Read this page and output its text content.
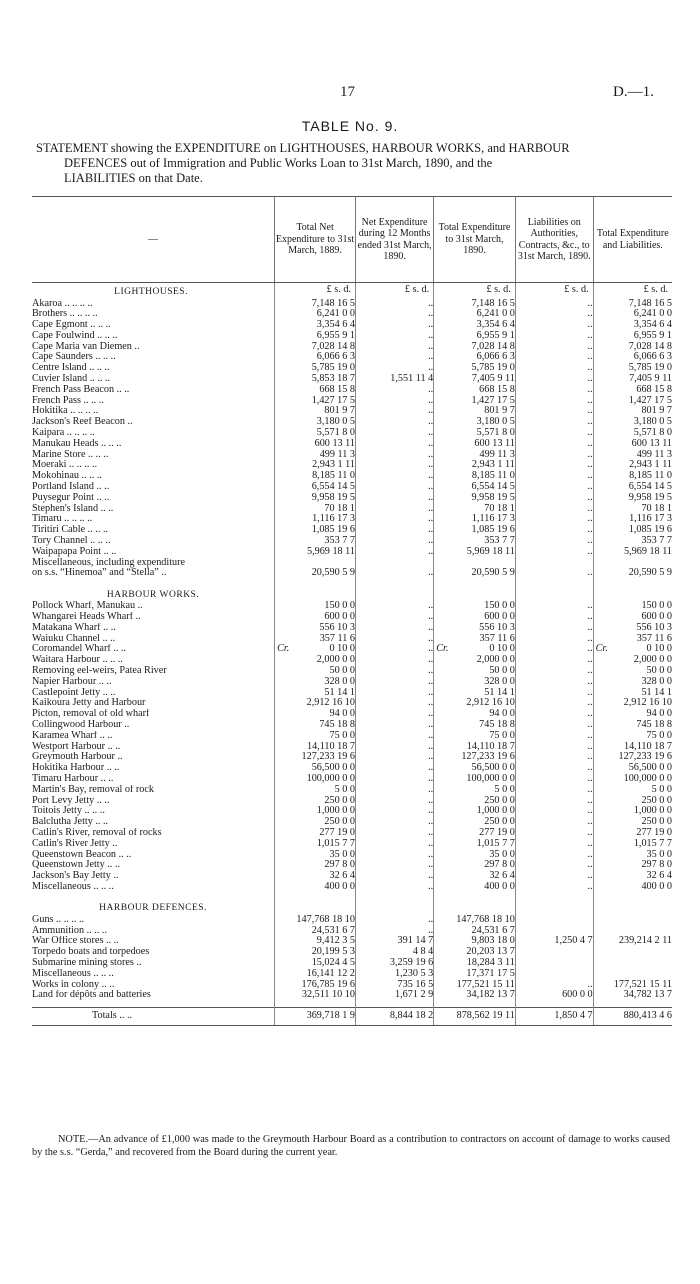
17	D.—1.
TABLE No. 9.
STATEMENT showing the EXPENDITURE on LIGHTHOUSES, HARBOUR WORKS, and HARBOUR
DEFENCES out of Immigration and Public Works Loan to 31st March, 1890, and the
LIABILITIES on that Date.
—	Total Net Expenditure to 31st March, 1889.	Net Expenditure during 12 Months ended 31st March, 1890.	Total Expenditure to 31st March, 1890.	Liabilities on Authorities, Contracts, &c., to 31st March, 1890.	Total Expenditure and Liabilities.
LIGHTHOUSES.	£ s. d.	£ s. d.	£ s. d.	£ s. d.	£ s. d.
Akaroa .. .. .. ..	7,148 16 5	..	7,148 16 5	..	7,148 16 5
Brothers .. .. .. ..	6,241 0 0	..	6,241 0 0	..	6,241 0 0
Cape Egmont .. .. ..	3,354 6 4	..	3,354 6 4	..	3,354 6 4
Cape Foulwind .. .. ..	6,955 9 1	..	6,955 9 1	..	6,955 9 1
Cape Maria van Diemen ..	7,028 14 8	..	7,028 14 8	..	7,028 14 8
Cape Saunders .. .. ..	6,066 6 3	..	6,066 6 3	..	6,066 6 3
Centre Island .. .. ..	5,785 19 0	..	5,785 19 0	..	5,785 19 0
Cuvier Island .. .. ..	5,853 18 7	1,551 11 4	7,405 9 11	..	7,405 9 11
French Pass Beacon .. ..	668 15 8	..	668 15 8	..	668 15 8
French Pass .. .. ..	1,427 17 5	..	1,427 17 5	..	1,427 17 5
Hokitika .. .. .. ..	801 9 7	..	801 9 7	..	801 9 7
Jackson's Reef Beacon ..	3,180 0 5	..	3,180 0 5	..	3,180 0 5
Kaipara .. .. .. ..	5,571 8 0	..	5,571 8 0	..	5,571 8 0
Manukau Heads .. .. ..	600 13 11	..	600 13 11	..	600 13 11
Marine Store .. .. ..	499 11 3	..	499 11 3	..	499 11 3
Moeraki .. .. .. ..	2,943 1 11	..	2,943 1 11	..	2,943 1 11
Mokohinau .. .. ..	8,185 11 0	..	8,185 11 0	..	8,185 11 0
Portland Island .. ..	6,554 14 5	..	6,554 14 5	..	6,554 14 5
Puysegur Point .. ..	9,958 19 5	..	9,958 19 5	..	9,958 19 5
Stephen's Island .. ..	70 18 1	..	70 18 1	..	70 18 1
Timaru .. .. .. ..	1,116 17 3	..	1,116 17 3	..	1,116 17 3
Tiritiri Cable .. .. ..	1,085 19 6	..	1,085 19 6	..	1,085 19 6
Tory Channel .. .. ..	353 7 7	..	353 7 7	..	353 7 7
Waipapapa Point .. ..	5,969 18 11	..	5,969 18 11	..	5,969 18 11
Miscellaneous, including expenditure					
on s.s. “Hinemoa” and “Stella” ..	20,590 5 9	..	20,590 5 9	..	20,590 5 9

HARBOUR WORKS.					
Pollock Wharf, Manukau ..	150 0 0	..	150 0 0	..	150 0 0
Whangarei Heads Wharf ..	600 0 0	..	600 0 0	..	600 0 0
Matakana Wharf .. ..	556 10 3	..	556 10 3	..	556 10 3
Waiuku Channel .. ..	357 11 6	..	357 11 6	..	357 11 6
Coromandel Wharf .. ..	Cr. 0 10 0	..	Cr. 0 10 0	..	Cr. 0 10 0
Waitara Harbour .. .. ..	2,000 0 0	..	2,000 0 0	..	2,000 0 0
Removing eel-weirs, Patea River	50 0 0	..	50 0 0	..	50 0 0
Napier Harbour .. ..	328 0 0	..	328 0 0	..	328 0 0
Castlepoint Jetty .. ..	51 14 1	..	51 14 1	..	51 14 1
Kaikoura Jetty and Harbour	2,912 16 10	..	2,912 16 10	..	2,912 16 10
Picton, removal of old wharf	94 0 0	..	94 0 0	..	94 0 0
Collingwood Harbour ..	745 18 8	..	745 18 8	..	745 18 8
Karamea Wharf .. ..	75 0 0	..	75 0 0	..	75 0 0
Westport Harbour .. ..	14,110 18 7	..	14,110 18 7	..	14,110 18 7
Greymouth Harbour ..	127,233 19 6	..	127,233 19 6	..	127,233 19 6
Hokitika Harbour .. ..	56,500 0 0	..	56,500 0 0	..	56,500 0 0
Timaru Harbour .. ..	100,000 0 0	..	100,000 0 0	..	100,000 0 0
Martin's Bay, removal of rock	5 0 0	..	5 0 0	..	5 0 0
Port Levy Jetty .. ..	250 0 0	..	250 0 0	..	250 0 0
Toitois Jetty .. .. ..	1,000 0 0	..	1,000 0 0	..	1,000 0 0
Balclutha Jetty .. ..	250 0 0	..	250 0 0	..	250 0 0
Catlin's River, removal of rocks	277 19 0	..	277 19 0	..	277 19 0
Catlin's River Jetty ..	1,015 7 7	..	1,015 7 7	..	1,015 7 7
Queenstown Beacon .. ..	35 0 0	..	35 0 0	..	35 0 0
Queenstown Jetty .. ..	297 8 0	..	297 8 0	..	297 8 0
Jackson's Bay Jetty ..	32 6 4	..	32 6 4	..	32 6 4
Miscellaneous .. .. ..	400 0 0	..	400 0 0	..	400 0 0

HARBOUR DEFENCES.					
Guns .. .. .. ..	147,768 18 10	..	147,768 18 10		
Ammunition .. .. ..	24,531 6 7	..	24,531 6 7		
War Office stores .. ..	9,412 3 5	391 14 7	9,803 18 0	1,250 4 7	239,214 2 11
Torpedo boats and torpedoes	20,199 5 3	4 8 4	20,203 13 7		
Submarine mining stores ..	15,024 4 5	3,259 19 6	18,284 3 11		
Miscellaneous .. .. ..	16,141 12 2	1,230 5 3	17,371 17 5		
Works in colony .. ..	176,785 19 6	735 16 5	177,521 15 11	..	177,521 15 11
Land for dépôts and batteries	32,511 10 10	1,671 2 9	34,182 13 7	600 0 0	34,782 13 7

Totals .. ..	369,718 1 9	8,844 18 2	878,562 19 11	1,850 4 7	880,413 4 6
NOTE.—An advance of £1,000 was made to the Greymouth Harbour Board as a contribution to contractors on account of damage to works caused by the s.s. “Gerda,” and recovered from the Board during the current year.
